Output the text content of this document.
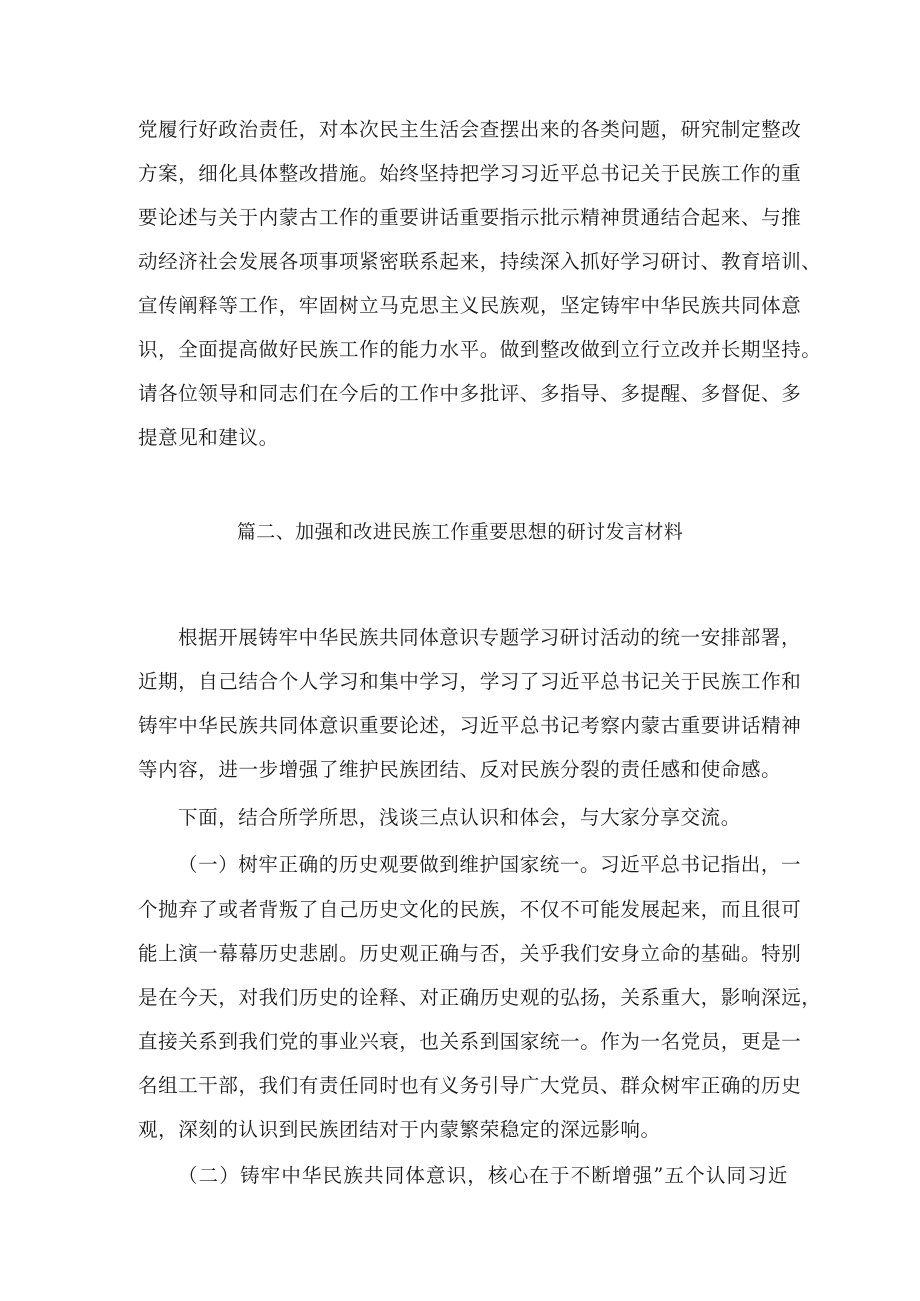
党履行好政治责任，对本次民主生活会查摆出来的各类问题，研究制定整改
方案，细化具体整改措施。始终坚持把学习习近平总书记关于民族工作的重
要论述与关于内蒙古工作的重要讲话重要指示批示精神贯通结合起来、与推
动经济社会发展各项事项紧密联系起来，持续深入抓好学习研讨、教育培训、
宣传阐释等工作，牢固树立马克思主义民族观，坚定铸牢中华民族共同体意
识，全面提高做好民族工作的能力水平。做到整改做到立行立改并长期坚持。
请各位领导和同志们在今后的工作中多批评、多指导、多提醒、多督促、多
提意见和建议。
篇二、加强和改进民族工作重要思想的研讨发言材料
根据开展铸牢中华民族共同体意识专题学习研讨活动的统一安排部署，
近期，自己结合个人学习和集中学习，学习了习近平总书记关于民族工作和
铸牢中华民族共同体意识重要论述，习近平总书记考察内蒙古重要讲话精神
等内容，进一步增强了维护民族团结、反对民族分裂的责任感和使命感。
下面，结合所学所思，浅谈三点认识和体会，与大家分享交流。
（一）树牢正确的历史观要做到维护国家统一。习近平总书记指出，一
个抛弃了或者背叛了自己历史文化的民族，不仅不可能发展起来，而且很可
能上演一幕幕历史悲剧。历史观正确与否，关乎我们安身立命的基础。特别
是在今天，对我们历史的诠释、对正确历史观的弘扬，关系重大，影响深远，
直接关系到我们党的事业兴衰，也关系到国家统一。作为一名党员，更是一
名组工干部，我们有责任同时也有义务引导广大党员、群众树牢正确的历史
观，深刻的认识到民族团结对于内蒙繁荣稳定的深远影响。
（二）铸牢中华民族共同体意识，核心在于不断增强”五个认同习近
